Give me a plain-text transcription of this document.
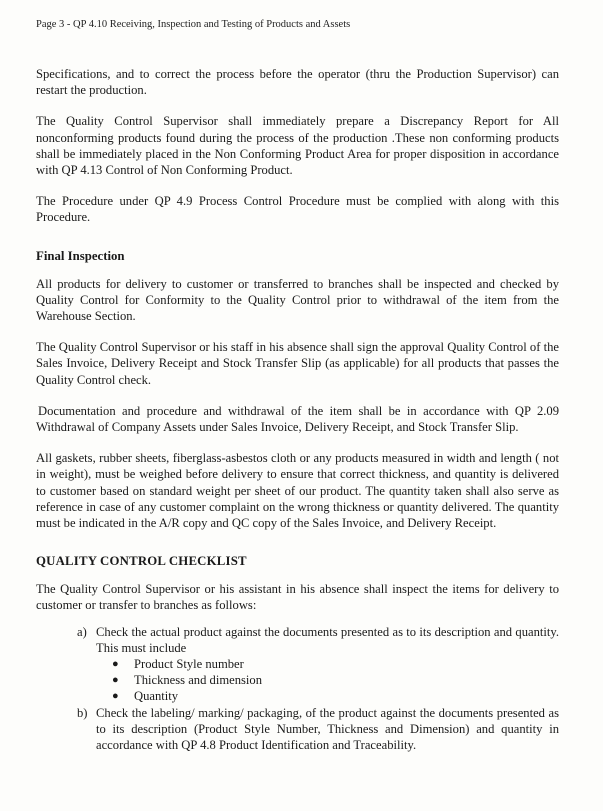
Page 3 - QP 4.10 Receiving, Inspection and Testing of Products and Assets

Specifications, and to correct the process before the operator (thru the Production Supervisor) can restart the production.

The Quality Control Supervisor shall immediately prepare a Discrepancy Report for All nonconforming products found during the process of the production .These non conforming products shall be immediately placed in the Non Conforming Product Area for proper disposition in accordance with QP 4.13 Control of Non Conforming Product.

The Procedure under QP 4.9 Process Control Procedure must be complied with along with this Procedure.

Final Inspection

All products for delivery to customer or transferred to branches shall be inspected and checked by Quality Control for Conformity to the Quality Control prior to withdrawal of the item from the Warehouse Section.

The Quality Control Supervisor or his staff in his absence shall sign the approval Quality Control of the Sales Invoice, Delivery Receipt and Stock Transfer Slip (as applicable) for all products that passes the Quality Control check.

Documentation and procedure and withdrawal of the item shall be in accordance with QP 2.09 Withdrawal of Company Assets under Sales Invoice, Delivery Receipt, and Stock Transfer Slip.

All gaskets, rubber sheets, fiberglass-asbestos cloth or any products measured in width and length ( not in weight), must be weighed before delivery to ensure that correct thickness, and quantity is delivered to customer based on standard weight per sheet of our product. The quantity taken shall also serve as reference in case of any customer complaint on the wrong thickness or quantity delivered. The quantity must be indicated in the A/R copy and QC copy of the Sales Invoice, and Delivery Receipt.

QUALITY CONTROL CHECKLIST

The Quality Control Supervisor or his assistant in his absence shall inspect the items for delivery to customer or transfer to branches as follows:

a) Check the actual product against the documents presented as to its description and quantity. This must include
●	Product Style number
●	Thickness and dimension
●	Quantity
b) Check the labeling/ marking/ packaging, of the product against the documents presented as to its description (Product Style Number, Thickness and Dimension) and quantity in accordance with QP 4.8 Product Identification and Traceability.
